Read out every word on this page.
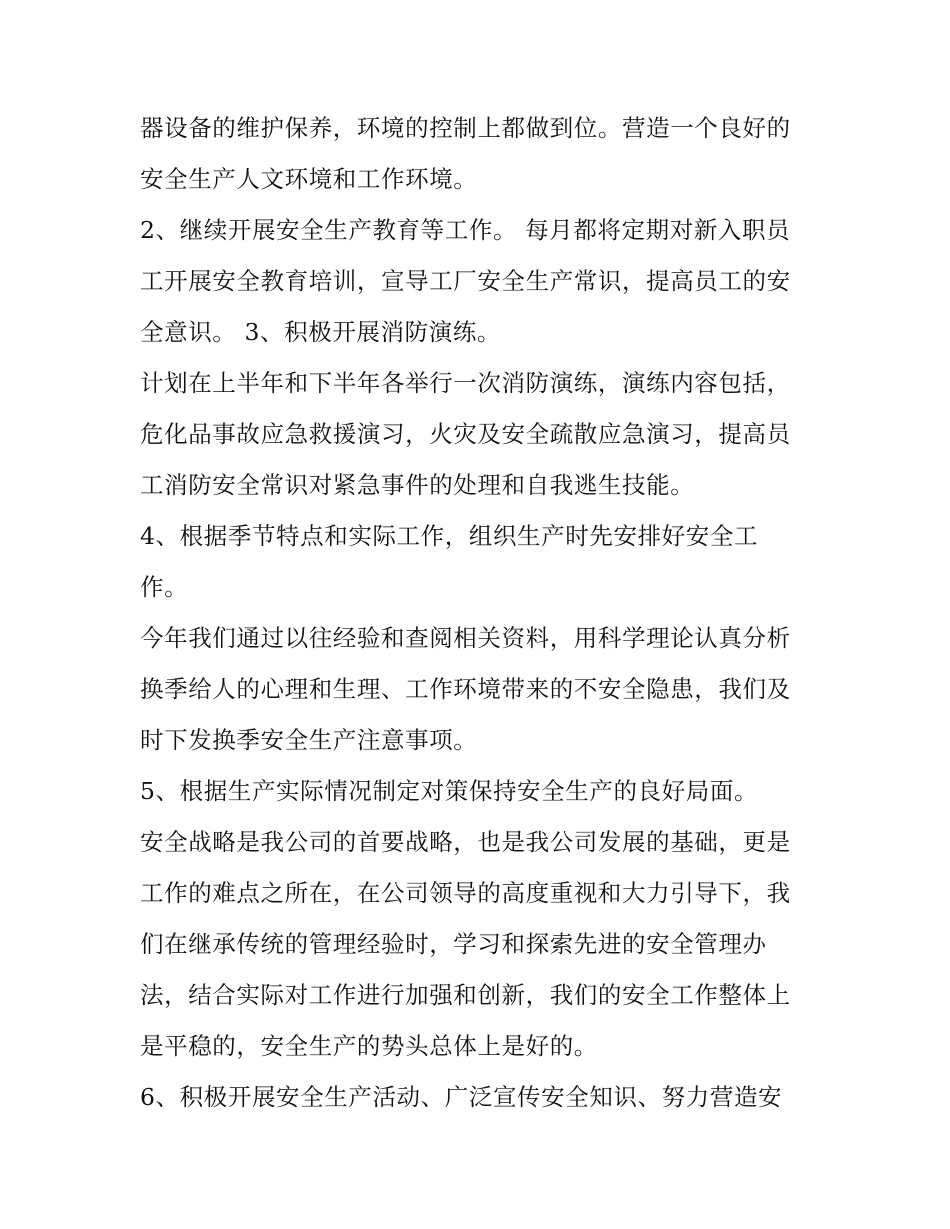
器设备的维护保养，环境的控制上都做到位。营造一个良好的
安全生产人文环境和工作环境。
2、继续开展安全生产教育等工作。 每月都将定期对新入职员
工开展安全教育培训，宣导工厂安全生产常识，提高员工的安
全意识。 3、积极开展消防演练。
计划在上半年和下半年各举行一次消防演练，演练内容包括，
危化品事故应急救援演习，火灾及安全疏散应急演习，提高员
工消防安全常识对紧急事件的处理和自我逃生技能。
4、根据季节特点和实际工作，组织生产时先安排好安全工
作。
今年我们通过以往经验和查阅相关资料，用科学理论认真分析
换季给人的心理和生理、工作环境带来的不安全隐患，我们及
时下发换季安全生产注意事项。
5、根据生产实际情况制定对策保持安全生产的良好局面。
安全战略是我公司的首要战略，也是我公司发展的基础，更是
工作的难点之所在，在公司领导的高度重视和大力引导下，我
们在继承传统的管理经验时，学习和探索先进的安全管理办
法，结合实际对工作进行加强和创新，我们的安全工作整体上
是平稳的，安全生产的势头总体上是好的。
6、积极开展安全生产活动、广泛宣传安全知识、努力营造安
